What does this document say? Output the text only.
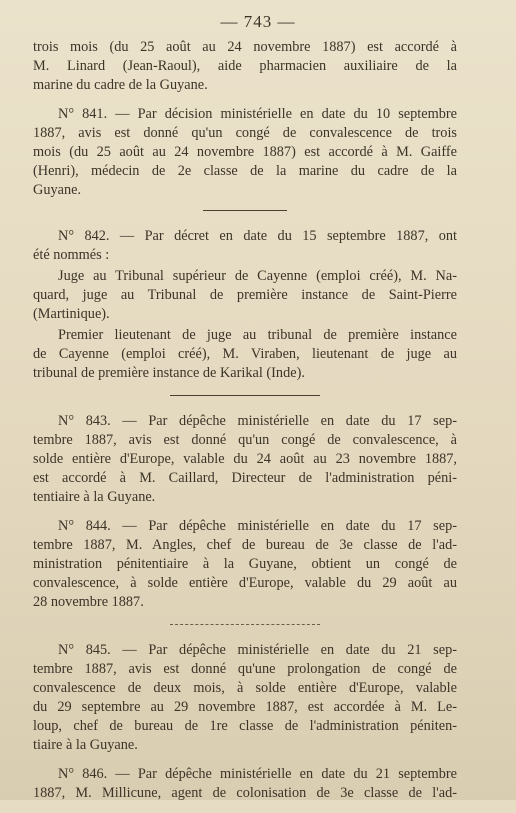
— 743 —
trois mois (du 25 août au 24 novembre 1887) est accordé à
M. Linard (Jean-Raoul), aide pharmacien auxiliaire de la
marine du cadre de la Guyane.
N° 841. — Par décision ministérielle en date du 10 septembre
1887, avis est donné qu'un congé de convalescence de trois
mois (du 25 août au 24 novembre 1887) est accordé à M. Gaiffe
(Henri), médecin de 2e classe de la marine du cadre de la
Guyane.
N° 842. — Par décret en date du 15 septembre 1887, ont
été nommés :
Juge au Tribunal supérieur de Cayenne (emploi créé), M. Na-
quard, juge au Tribunal de première instance de Saint-Pierre
(Martinique).
Premier lieutenant de juge au tribunal de première instance
de Cayenne (emploi créé), M. Viraben, lieutenant de juge au
tribunal de première instance de Karikal (Inde).
N° 843. — Par dépêche ministérielle en date du 17 sep-
tembre 1887, avis est donné qu'un congé de convalescence, à
solde entière d'Europe, valable du 24 août au 23 novembre 1887,
est accordé à M. Caillard, Directeur de l'administration péni-
tentiaire à la Guyane.
N° 844. — Par dépêche ministérielle en date du 17 sep-
tembre 1887, M. Angles, chef de bureau de 3e classe de l'ad-
ministration pénitentiaire à la Guyane, obtient un congé de
convalescence, à solde entière d'Europe, valable du 29 août au
28 novembre 1887.
N° 845. — Par dépêche ministérielle en date du 21 sep-
tembre 1887, avis est donné qu'une prolongation de congé de
convalescence de deux mois, à solde entière d'Europe, valable
du 29 septembre au 29 novembre 1887, est accordée à M. Le-
loup, chef de bureau de 1re classe de l'administration péniten-
tiaire à la Guyane.
N° 846. — Par dépêche ministérielle en date du 21 septembre
1887, M. Millicune, agent de colonisation de 3e classe de l'ad-
